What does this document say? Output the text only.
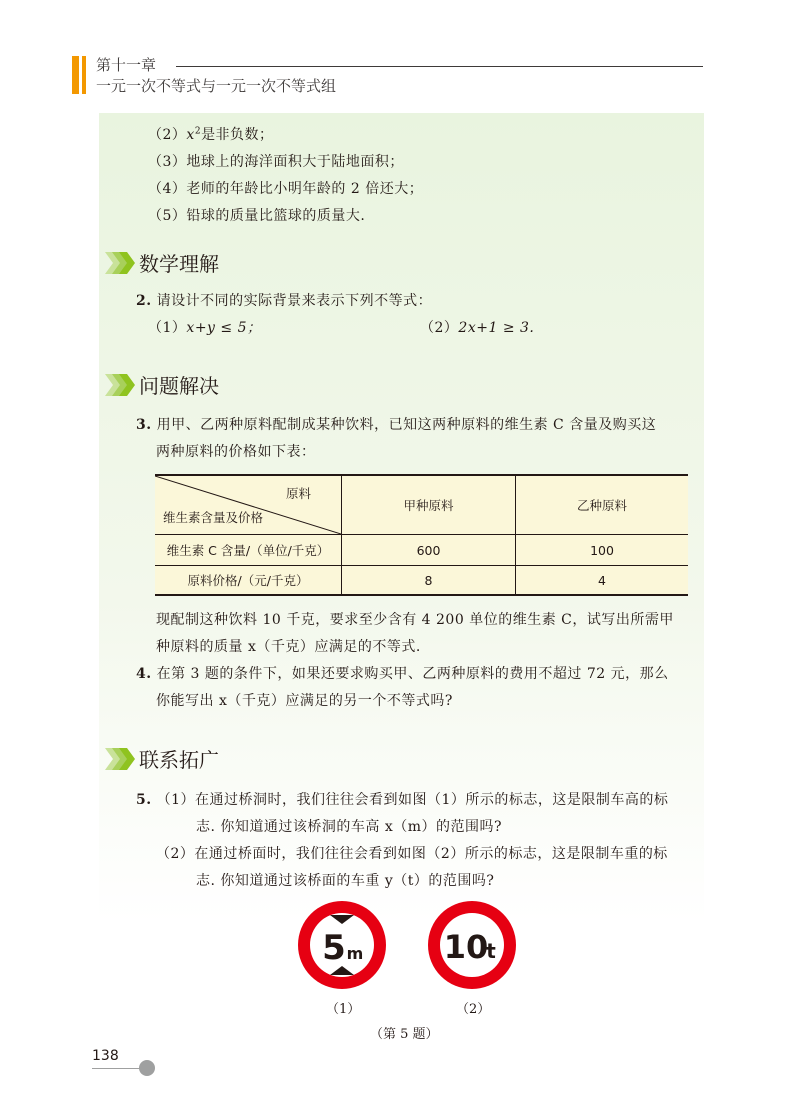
第十一章
一元一次不等式与一元一次不等式组
$(2)x^2$是非负数；
（3）地球上的海洋面积大于陆地面积；
（4）老师的年龄比小明年龄的 2 倍还大；
（5）铅球的质量比篮球的质量大.
数学理解
2. 请设计不同的实际背景来表示下列不等式：
（1）x+y ≤ 5；	（2）2x+1 ≥ 3.
问题解决
3. 用甲、乙两种原料配制成某种饮料，已知这两种原料的维生素 C 含量及购买这
两种原料的价格如下表：
原料
维生素含量及价格	甲种原料	乙种原料
维生素 C 含量/（单位/千克）	600	100
原料价格/（元/千克）	8	4
现配制这种饮料 10 千克，要求至少含有 4 200 单位的维生素 C，试写出所需甲
种原料的质量 x（千克）应满足的不等式.
4. 在第 3 题的条件下，如果还要求购买甲、乙两种原料的费用不超过 72 元，那么
你能写出 x（千克）应满足的另一个不等式吗?
联系拓广
5. （1）在通过桥洞时，我们往往会看到如图（1）所示的标志，这是限制车高的标
志. 你知道通过该桥洞的车高 x（m）的范围吗?
（2）在通过桥面时，我们往往会看到如图（2）所示的标志，这是限制车重的标
志. 你知道通过该桥面的车重 y（t）的范围吗?
5 m	10
t
（1）	（2）
（第 5 题）
138
